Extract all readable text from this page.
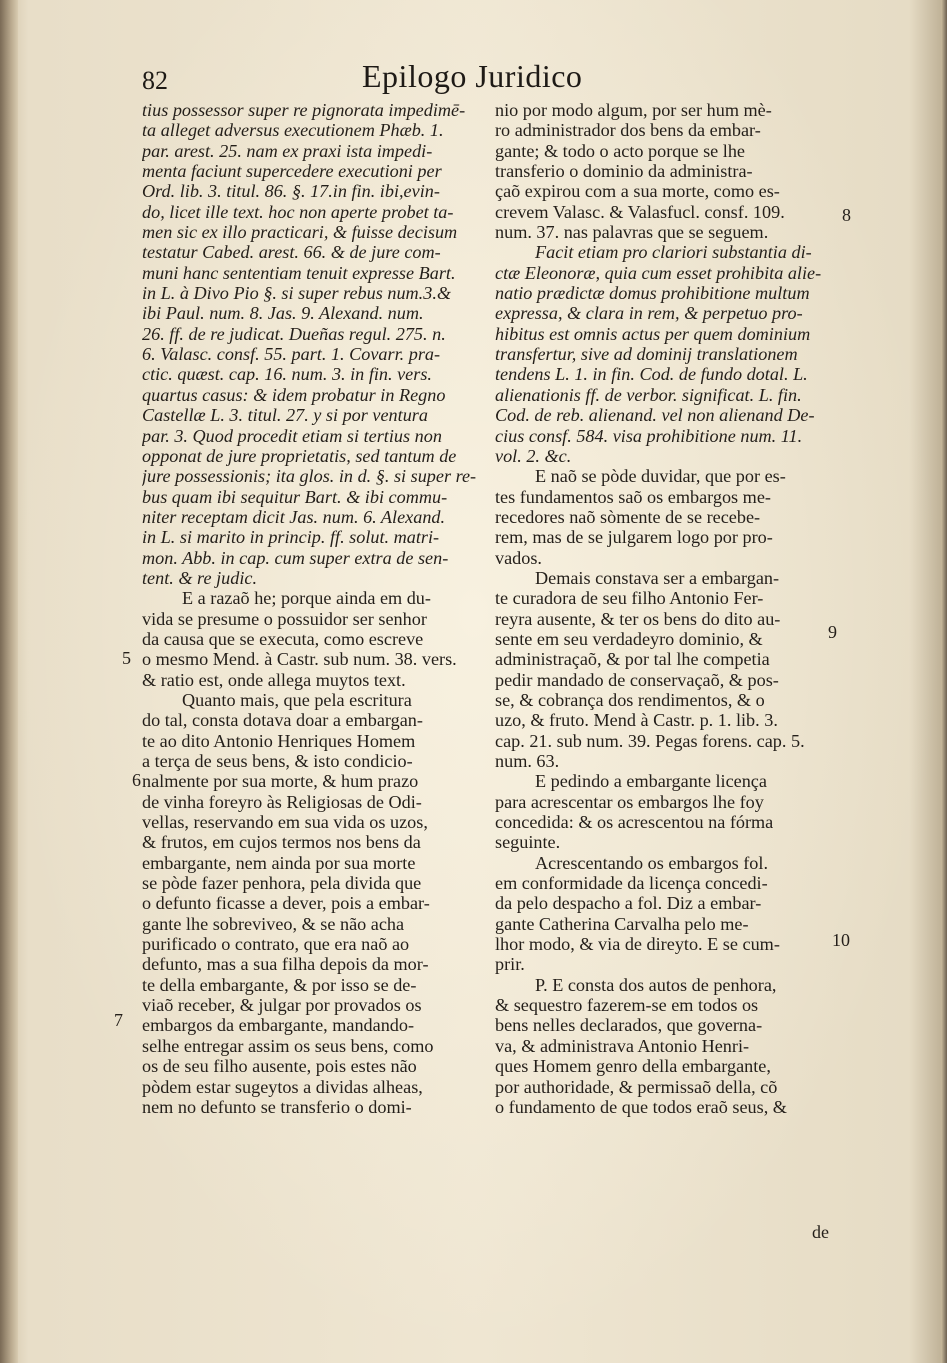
82	Epilogo Juridico
tius possessor super re pignorata impedimē-
ta alleget adversus executionem Phæb. 1.
par. arest. 25. nam ex praxi ista impedi-
menta faciunt supercedere executioni per
Ord. lib. 3. titul. 86. §. 17.in fin. ibi,evin-
do, licet ille text. hoc non aperte probet ta-
men sic ex illo practicari, & fuisse decisum
testatur Cabed. arest. 66. & de jure com-
muni hanc sententiam tenuit expresse Bart.
in L. à Divo Pio §. si super rebus num.3.&
ibi Paul. num. 8. Jas. 9. Alexand. num.
26. ff. de re judicat. Dueñas regul. 275. n.
6. Valasc. consf. 55. part. 1. Covarr. pra-
ctic. quæst. cap. 16. num. 3. in fin. vers.
quartus casus: & idem probatur in Regno
Castellæ L. 3. titul. 27. y si por ventura
par. 3. Quod procedit etiam si tertius non
opponat de jure proprietatis, sed tantum de
jure possessionis; ita glos. in d. §. si super re-
bus quam ibi sequitur Bart. & ibi commu-
niter receptam dicit Jas. num. 6. Alexand.
in L. si marito in princip. ff. solut. matri-
mon. Abb. in cap. cum super extra de sen-
tent. & re judic.
E a razaõ he; porque ainda em du-
vida se presume o possuidor ser senhor
da causa que se executa, como escreve
o mesmo Mend. à Castr. sub num. 38. vers.
& ratio est, onde allega muytos text.
Quanto mais, que pela escritura
do tal, consta dotava doar a embargan-
te ao dito Antonio Henriques Homem
a terça de seus bens, & isto condicio-
nalmente por sua morte, & hum prazo
de vinha foreyro às Religiosas de Odi-
vellas, reservando em sua vida os uzos,
& frutos, em cujos termos nos bens da
embargante, nem ainda por sua morte
se pòde fazer penhora, pela divida que
o defunto ficasse a dever, pois a embar-
gante lhe sobreviveo, & se não acha
purificado o contrato, que era naõ ao
defunto, mas a sua filha depois da mor-
te della embargante, & por isso se de-
viaõ receber, & julgar por provados os
embargos da embargante, mandando-
selhe entregar assim os seus bens, como
os de seu filho ausente, pois estes não
pòdem estar sugeytos a dividas alheas,
nem no defunto se transferio o domi-
nio por modo algum, por ser hum mè-
ro administrador dos bens da embar-
gante; & todo o acto porque se lhe
transferio o dominio da administra-
çaõ expirou com a sua morte, como es-
crevem Valasc. & Valasfucl. consf. 109.
num. 37. nas palavras que se seguem.
Facit etiam pro clariori substantia di-
ctæ Eleonoræ, quia cum esset prohibita alie-
natio prædictæ domus prohibitione multum
expressa, & clara in rem, & perpetuo pro-
hibitus est omnis actus per quem dominium
transfertur, sive ad dominij translationem
tendens L. 1. in fin. Cod. de fundo dotal. L.
alienationis ff. de verbor. significat. L. fin.
Cod. de reb. alienand. vel non alienand De-
cius consf. 584. visa prohibitione num. 11.
vol. 2. &c.
E naõ se pòde duvidar, que por es-
tes fundamentos saõ os embargos me-
recedores naõ sòmente de se recebe-
rem, mas de se julgarem logo por pro-
vados.
Demais constava ser a embargan-
te curadora de seu filho Antonio Fer-
reyra ausente, & ter os bens do dito au-
sente em seu verdadeyro dominio, &
administraçaõ, & por tal lhe competia
pedir mandado de conservaçaõ, & pos-
se, & cobrança dos rendimentos, & o
uzo, & fruto. Mend à Castr. p. 1. lib. 3.
cap. 21. sub num. 39. Pegas forens. cap. 5.
num. 63.
E pedindo a embargante licença
para acrescentar os embargos lhe foy
concedida: & os acrescentou na fórma
seguinte.
Acrescentando os embargos fol.
em conformidade da licença concedi-
da pelo despacho a fol. Diz a embar-
gante Catherina Carvalha pelo me-
lhor modo, & via de direyto. E se cum-
prir.
P. E consta dos autos de penhora,
& sequestro fazerem-se em todos os
bens nelles declarados, que governa-
va, & administrava Antonio Henri-
ques Homem genro della embargante,
por authoridade, & permissaõ della, cõ
o fundamento de que todos eraõ seus, &
5
6
7
8
9
10
de
